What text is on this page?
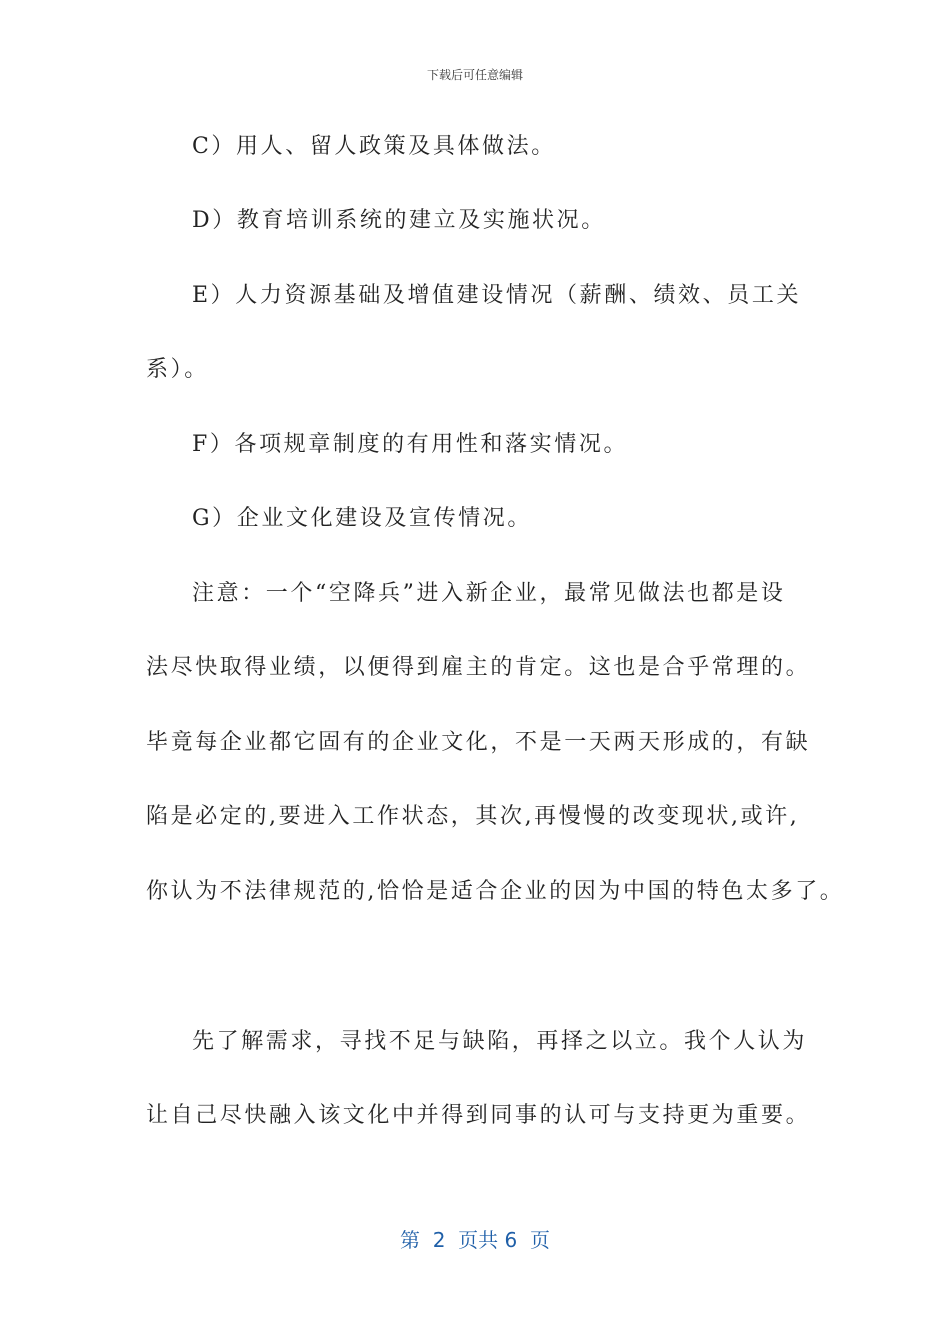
下载后可任意编辑
C）用人、留人政策及具体做法。
D）教育培训系统的建立及实施状况。
E）人力资源基础及增值建设情况（薪酬、绩效、员工关
系）。
F）各项规章制度的有用性和落实情况。
G）企业文化建设及宣传情况。
注意：一个“空降兵”进入新企业，最常见做法也都是设
法尽快取得业绩，以便得到雇主的肯定。这也是合乎常理的。
毕竟每企业都它固有的企业文化，不是一天两天形成的，有缺
陷是必定的,要进入工作状态，其次,再慢慢的改变现状,或许,
你认为不法律规范的,恰恰是适合企业的因为中国的特色太多了。
先了解需求，寻找不足与缺陷，再择之以立。我个人认为
让自己尽快融入该文化中并得到同事的认可与支持更为重要。
第  2  页共 6  页
